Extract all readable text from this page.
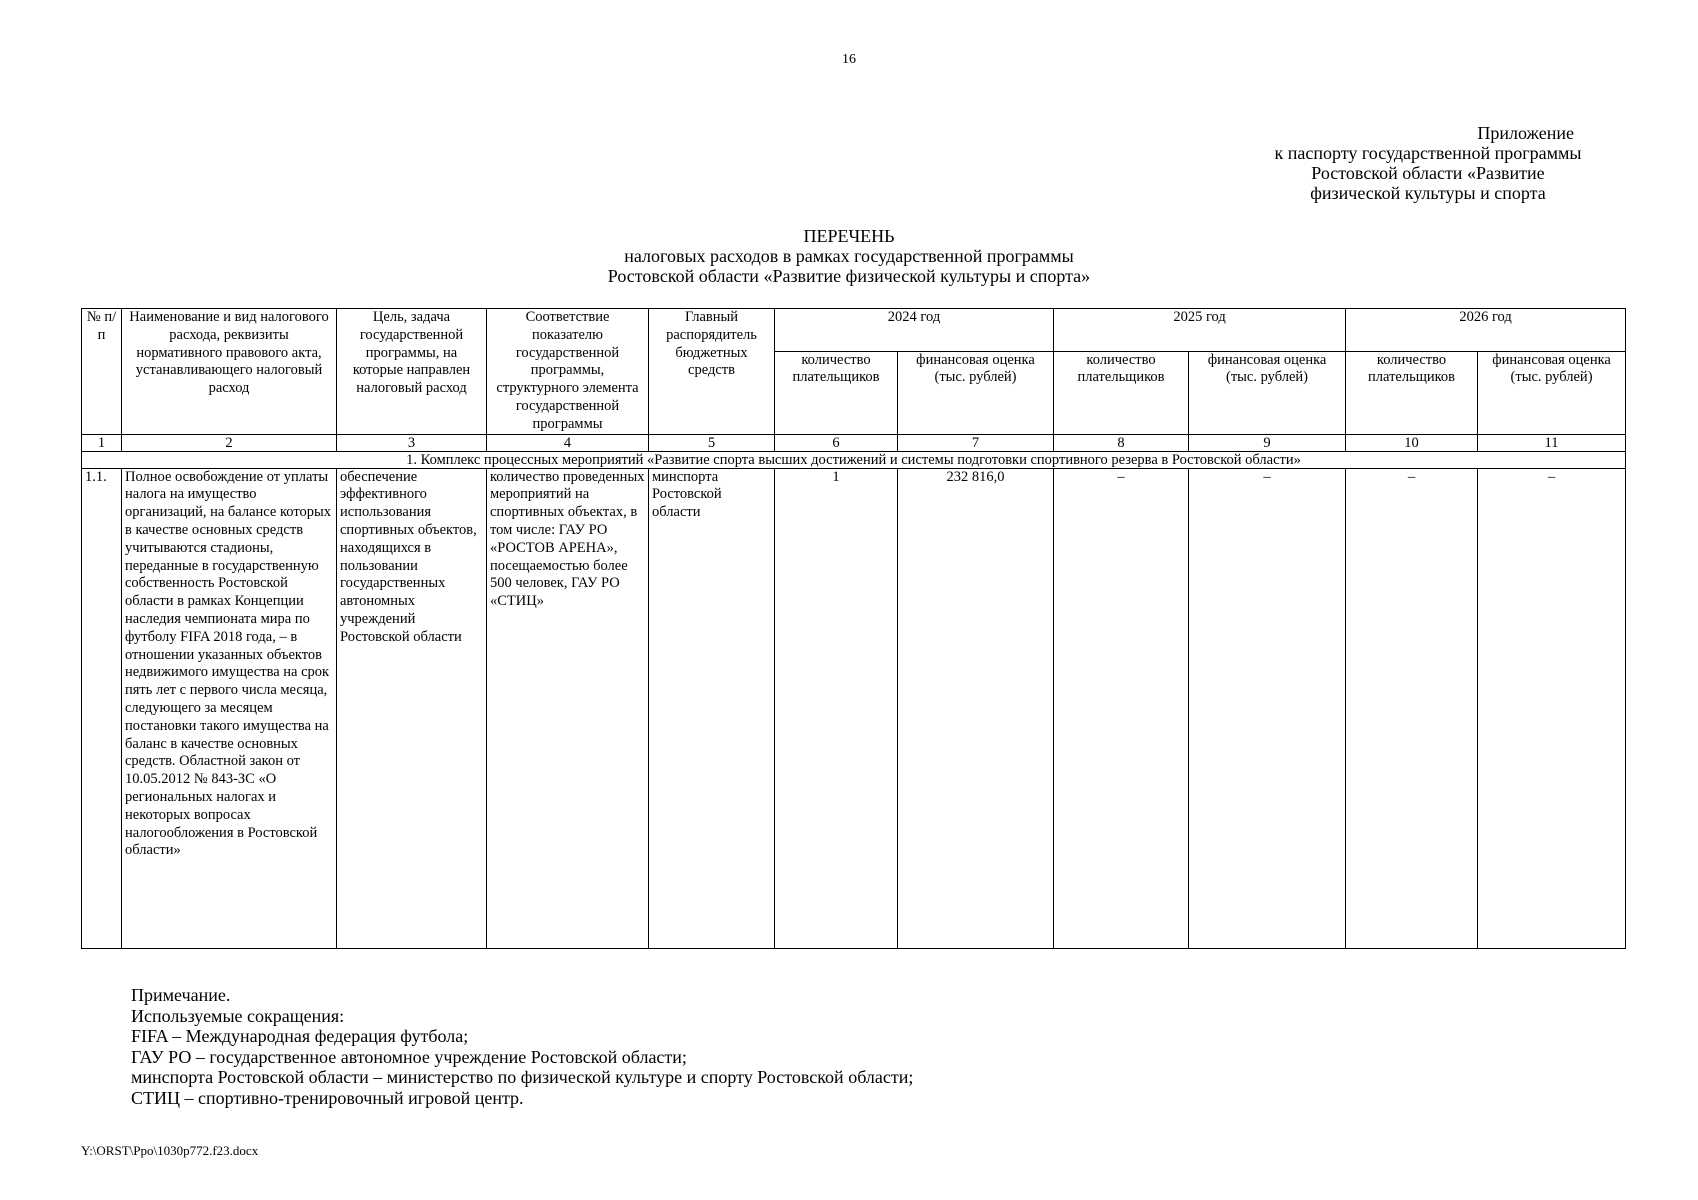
16
Приложение
к паспорту государственной программы
Ростовской области «Развитие
физической культуры и спорта
ПЕРЕЧЕНЬ
налоговых расходов в рамках государственной программы
Ростовской области «Развитие физической культуры и спорта»
№ п/п	Наименование и вид налогового расхода, реквизиты нормативного правового акта, устанавливающего налоговый расход	Цель, задача государственной программы, на которые направлен налоговый расход	Соответствие показателю государственной программы, структурного элемента государственной программы	Главный распорядитель бюджетных средств	2024 год		2025 год		2026 год	
					количество плательщиков	финансовая оценка (тыс. рублей)	количество плательщиков	финансовая оценка (тыс. рублей)	количество плательщиков	финансовая оценка (тыс. рублей)
1	2	3	4	5	6	7	8	9	10	11
1. Комплекс процессных мероприятий «Развитие спорта высших достижений и системы подготовки спортивного резерва в Ростовской области»										
1.1.	Полное освобождение от уплаты налога на имущество организаций, на балансе которых в качестве основных средств учитываются стадионы, переданные в государственную собственность Ростовской области в рамках Концепции наследия чемпионата мира по футболу FIFA 2018 года, – в отношении указанных объектов недвижимого имущества на срок пять лет с первого числа месяца, следующего за месяцем постановки такого имущества на баланс в качестве основных средств. Областной закон от 10.05.2012 № 843-ЗС «О региональных налогах и некоторых вопросах налогообложения в Ростовской области»	обеспечение эффективного использования спортивных объектов, находящихся в пользовании государственных автономных учреждений Ростовской области	количество проведенных мероприятий на спортивных объектах, в том числе: ГАУ РО «РОСТОВ АРЕНА», посещаемостью более 500 человек, ГАУ РО «СТИЦ»	минспорта Ростовской области	1	232 816,0	–	–	–	–
Примечание.
Используемые сокращения:
FIFA – Международная федерация футбола;
ГАУ РО – государственное автономное учреждение Ростовской области;
минспорта Ростовской области – министерство по физической культуре и спорту Ростовской области;
СТИЦ – спортивно-тренировочный игровой центр.
Y:\ORST\Ppo\1030p772.f23.docx
